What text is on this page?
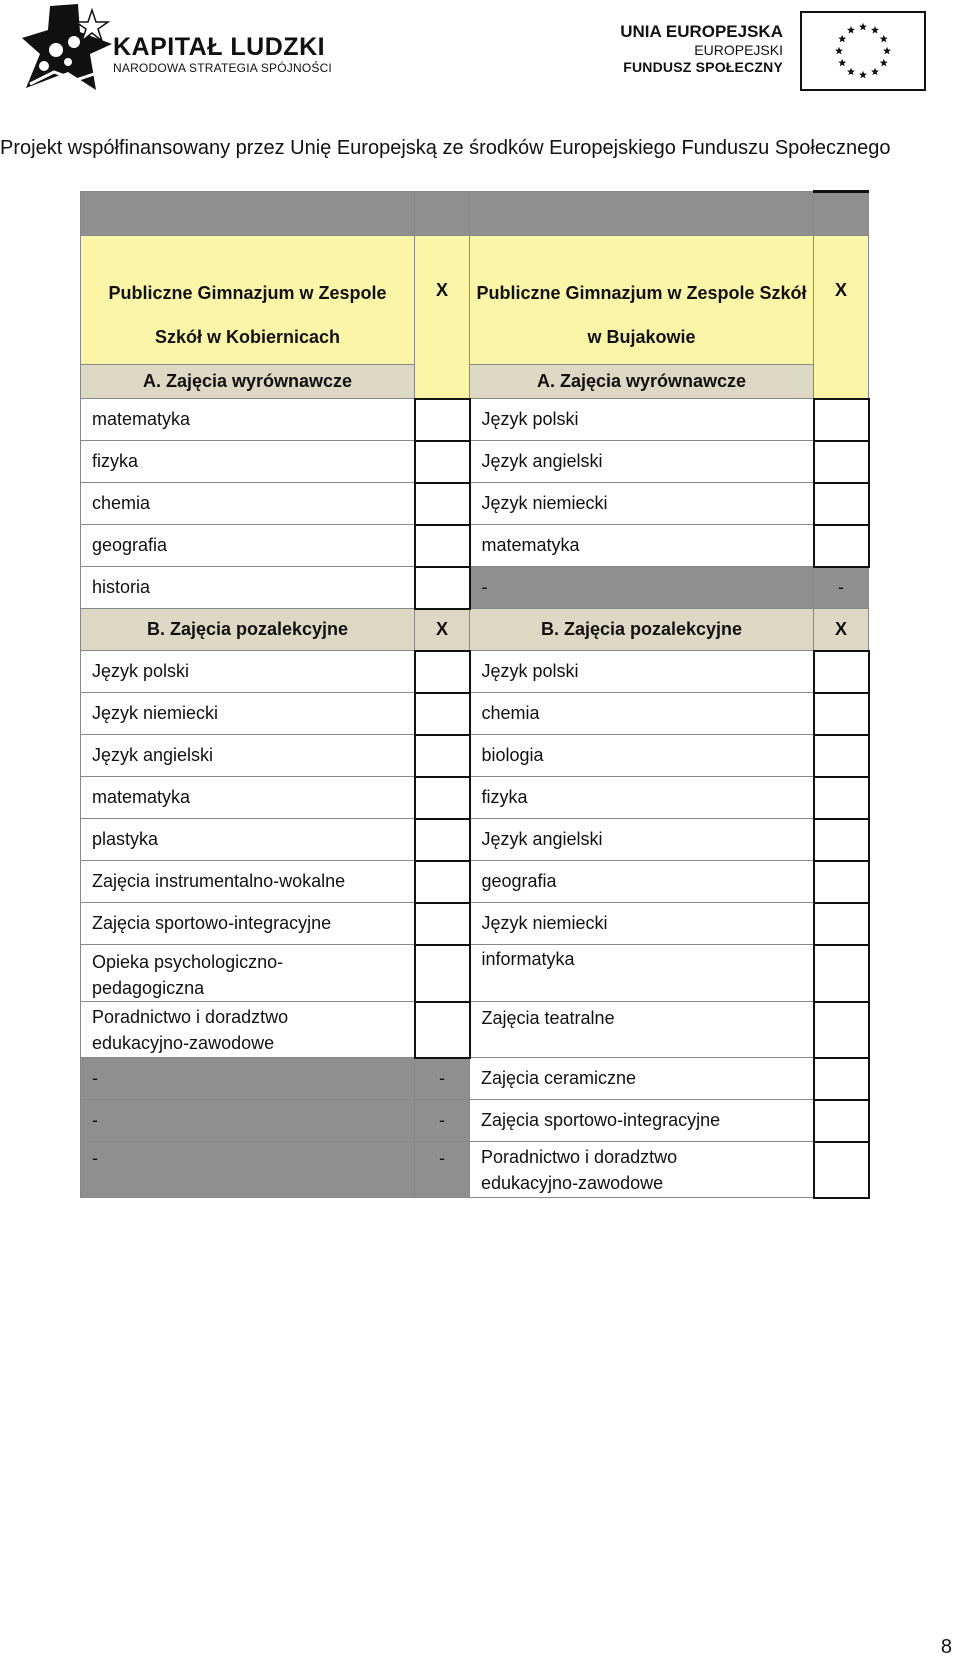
KAPITAŁ LUDZKI
NARODOWA STRATEGIA SPÓJNOŚCI
UNIA EUROPEJSKA
EUROPEJSKI
FUNDUSZ SPOŁECZNY
Projekt współfinansowany przez Unię Europejską ze środków Europejskiego Funduszu Społecznego

Publiczne Gimnazjum w Zespole Szkół w Kobiernicach	X	Publiczne Gimnazjum w Zespole Szkół w Bujakowie	X
A. Zajęcia wyrównawcze		A. Zajęcia wyrównawcze	
matematyka		Język polski	
fizyka		Język angielski	
chemia		Język niemiecki	
geografia		matematyka	
historia		-	-
B. Zajęcia pozalekcyjne	X	B. Zajęcia pozalekcyjne	X
Język polski		Język polski	
Język niemiecki		chemia	
Język angielski		biologia	
matematyka		fizyka	
plastyka		Język angielski	
Zajęcia instrumentalno-wokalne		geografia	
Zajęcia sportowo-integracyjne		Język niemiecki	
Opieka psychologiczno-pedagogiczna		informatyka	
Poradnictwo i doradztwo edukacyjno-zawodowe		Zajęcia teatralne	
-	-	Zajęcia ceramiczne	
-	-	Zajęcia sportowo-integracyjne	
-	-	Poradnictwo i doradztwo edukacyjno-zawodowe	
8
